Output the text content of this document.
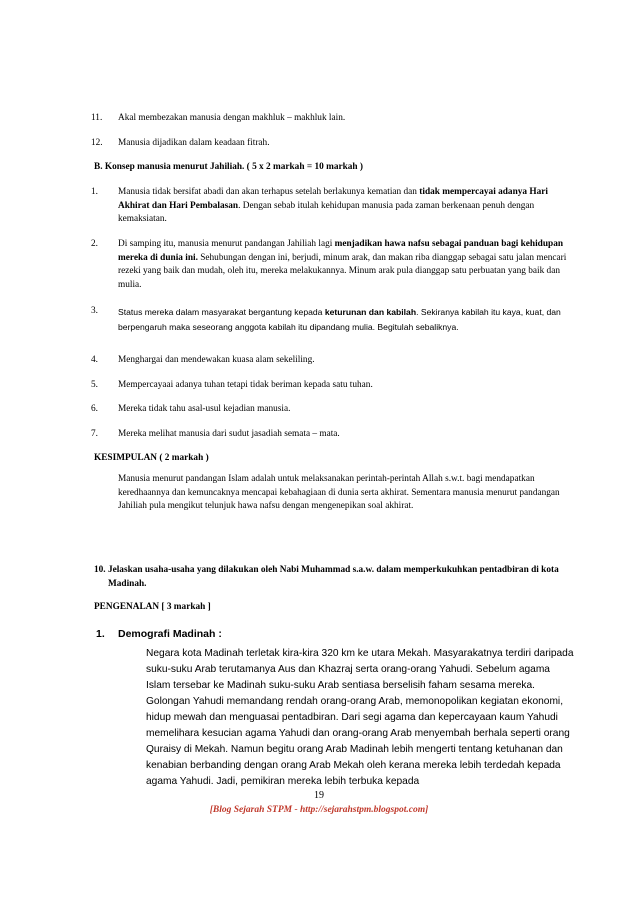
11. Akal membezakan manusia dengan makhluk – makhluk lain.
12. Manusia dijadikan dalam keadaan fitrah.
B. Konsep manusia menurut Jahiliah. ( 5 x 2 markah = 10 markah )
1. Manusia tidak bersifat abadi dan akan terhapus setelah berlakunya kematian dan tidak mempercayai adanya Hari Akhirat dan Hari Pembalasan. Dengan sebab itulah kehidupan manusia pada zaman berkenaan penuh dengan kemaksiatan.
2. Di samping itu, manusia menurut pandangan Jahiliah lagi menjadikan hawa nafsu sebagai panduan bagi kehidupan mereka di dunia ini. Sehubungan dengan ini, berjudi, minum arak, dan makan riba dianggap sebagai satu jalan mencari rezeki yang baik dan mudah, oleh itu, mereka melakukannya. Minum arak pula dianggap satu perbuatan yang baik dan mulia.
3. Status mereka dalam masyarakat bergantung kepada keturunan dan kabilah. Sekiranya kabilah itu kaya, kuat, dan berpengaruh maka seseorang anggota kabilah itu dipandang mulia. Begitulah sebaliknya.
4. Menghargai dan mendewakan kuasa alam sekeliling.
5. Mempercayaai adanya tuhan tetapi tidak beriman kepada satu tuhan.
6. Mereka tidak tahu asal-usul kejadian manusia.
7. Mereka melihat manusia dari sudut jasadiah semata – mata.
KESIMPULAN ( 2 markah )
Manusia menurut pandangan Islam adalah untuk melaksanakan perintah-perintah Allah s.w.t. bagi mendapatkan keredhaannya dan kemuncaknya mencapai kebahagiaan di dunia serta akhirat. Sementara manusia menurut pandangan Jahiliah pula mengikut telunjuk hawa nafsu dengan mengenepikan soal akhirat.
10. Jelaskan usaha-usaha yang dilakukan oleh Nabi Muhammad s.a.w. dalam memperkukuhkan pentadbiran di kota Madinah.
PENGENALAN [ 3 markah ]
1. Demografi Madinah :
Negara kota Madinah terletak kira-kira 320 km ke utara Mekah. Masyarakatnya terdiri daripada suku-suku Arab terutamanya Aus dan Khazraj serta orang-orang Yahudi. Sebelum agama Islam tersebar ke Madinah suku-suku Arab sentiasa berselisih faham sesama mereka. Golongan Yahudi memandang rendah orang-orang Arab, memonopolikan kegiatan ekonomi, hidup mewah dan menguasai pentadbiran. Dari segi agama dan kepercayaan kaum Yahudi memelihara kesucian agama Yahudi dan orang-orang Arab menyembah berhala seperti orang Quraisy di Mekah. Namun begitu orang Arab Madinah lebih mengerti tentang ketuhanan dan kenabian berbanding dengan orang Arab Mekah oleh kerana mereka lebih terdedah kepada agama Yahudi. Jadi, pemikiran mereka lebih terbuka kepada
19
[Blog Sejarah STPM - http://sejarahstpm.blogspot.com]
